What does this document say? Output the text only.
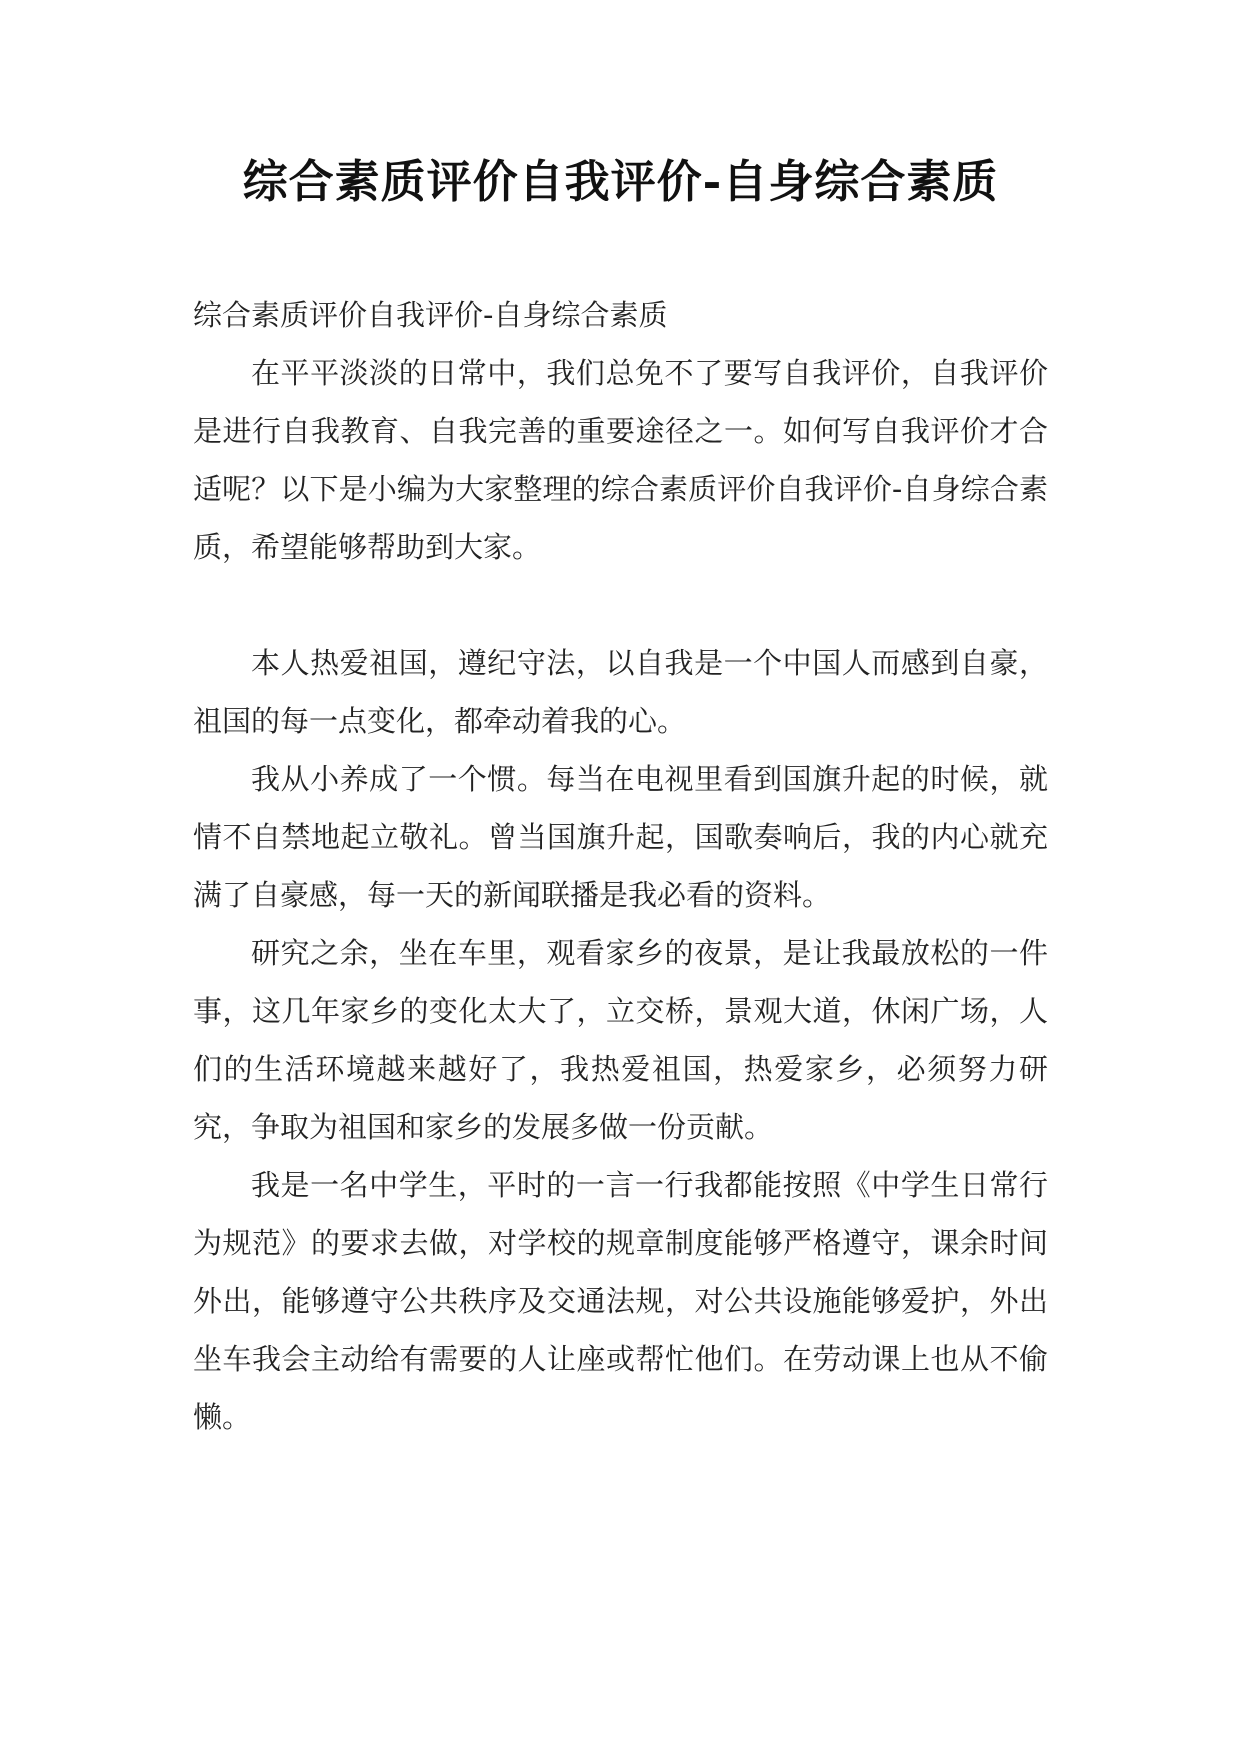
综合素质评价自我评价-自身综合素质

综合素质评价自我评价-自身综合素质

在平平淡淡的日常中，我们总免不了要写自我评价，自我评价是进行自我教育、自我完善的重要途径之一。如何写自我评价才合适呢？以下是小编为大家整理的综合素质评价自我评价-自身综合素质，希望能够帮助到大家。

本人热爱祖国，遵纪守法，以自我是一个中国人而感到自豪，祖国的每一点变化，都牵动着我的心。

我从小养成了一个惯。每当在电视里看到国旗升起的时候，就情不自禁地起立敬礼。曾当国旗升起，国歌奏响后，我的内心就充满了自豪感，每一天的新闻联播是我必看的资料。

研究之余，坐在车里，观看家乡的夜景，是让我最放松的一件事，这几年家乡的变化太大了，立交桥，景观大道，休闲广场，人们的生活环境越来越好了，我热爱祖国，热爱家乡，必须努力研究，争取为祖国和家乡的发展多做一份贡献。

我是一名中学生，平时的一言一行我都能按照《中学生日常行为规范》的要求去做，对学校的规章制度能够严格遵守，课余时间外出，能够遵守公共秩序及交通法规，对公共设施能够爱护，外出坐车我会主动给有需要的人让座或帮忙他们。在劳动课上也从不偷懒。
